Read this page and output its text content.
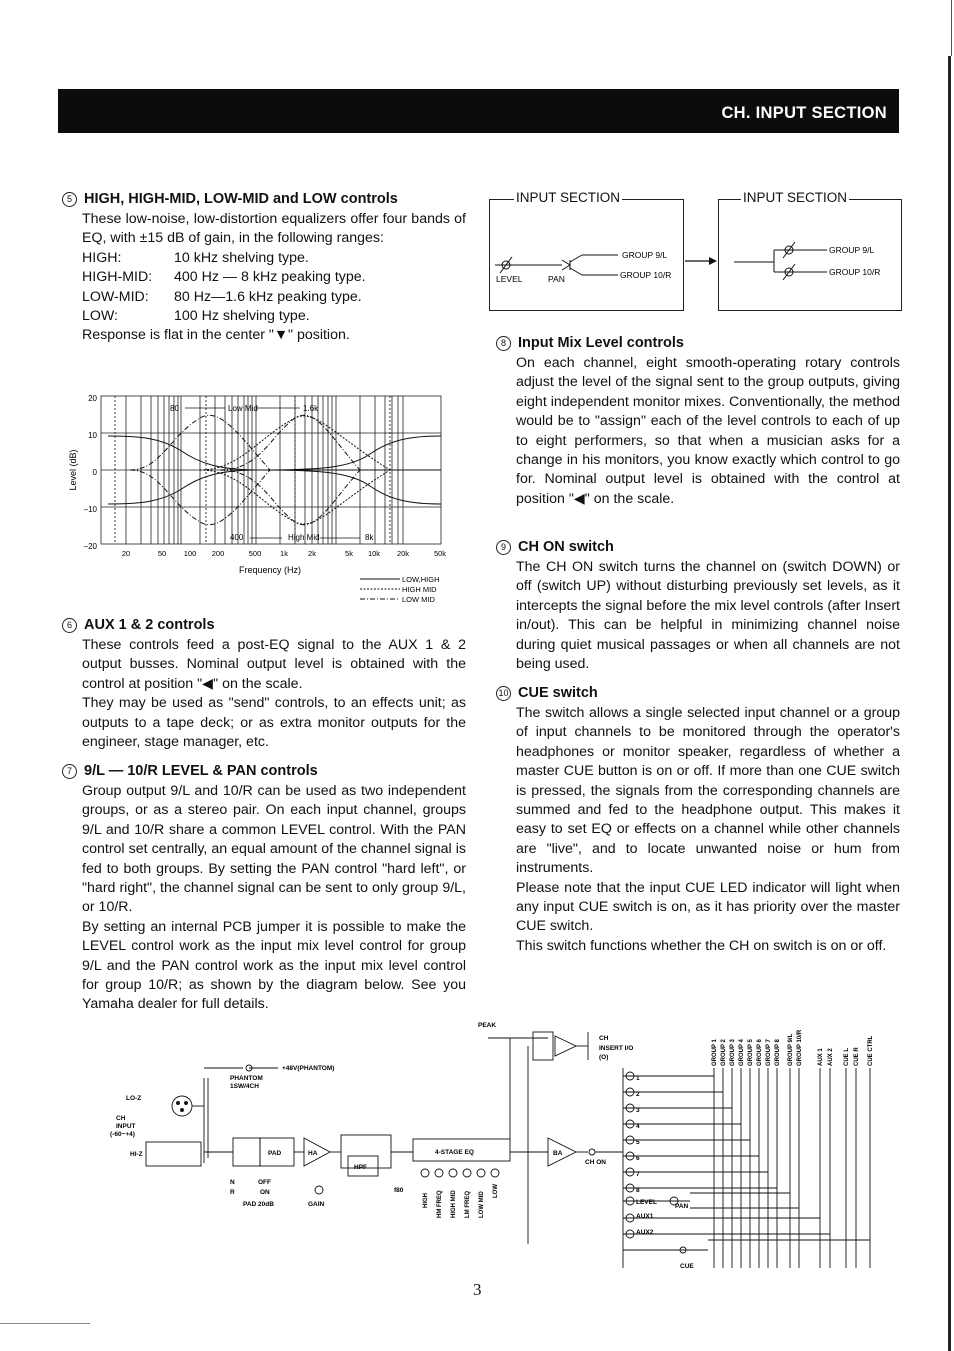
CH. INPUT SECTION
5 HIGH, HIGH-MID, LOW-MID and LOW controls

These low-noise, low-distortion equalizers offer four bands of EQ, with ±15 dB of gain, in the following ranges:

HIGH:	10 kHz shelving type.
HIGH-MID:	400 Hz — 8 kHz peaking type.
LOW-MID:	80 Hz—1.6 kHz peaking type.
LOW:	100 Hz shelving type.

Response is flat in the center "▼" position.

80	Low Mid	1.6k
400	High Mid	8k
20
10
0
–10
–20
20	50 100 200	500	1k	2k	5k 10k 20k	50k
Frequency (Hz)
Level (dB)
LOW,HIGH
HIGH MID
LOW MID
6 AUX 1 & 2 controls

These controls feed a post-EQ signal to the AUX 1 & 2 output busses. Nominal output level is obtained with the control at position "◀" on the scale.

They may be used as "send" controls, to an effects unit; as outputs to a tape deck; or as extra monitor outputs for the engineer, stage manager, etc.

7 9/L — 10/R LEVEL & PAN controls

Group output 9/L and 10/R can be used as two independent groups, or as a stereo pair. On each input channel, groups 9/L and 10/R share a common LEVEL control. With the PAN control set centrally, an equal amount of the channel signal is fed to both groups. By setting the PAN control "hard left", or "hard right", the channel signal can be sent to only group 9/L, or 10/R.

By setting an internal PCB jumper it is possible to make the LEVEL control work as the input mix level control for group 9/L and the PAN control work as the input mix level control for group 10/R; as shown by the diagram below. See you Yamaha dealer for full details.

INPUT SECTION
GROUP 9/L
GROUP 10/R
LEVEL	PAN
INPUT SECTION
GROUP 9/L
GROUP 10/R
8 Input Mix Level controls

On each channel, eight smooth-operating rotary controls adjust the level of the signal sent to the group outputs, giving eight independent monitor mixes. Conventionally, the method would be to "assign" each of the level controls to each of up to eight performers, so that when a musician asks for a change in his monitors, you know exactly which control to go for. Nominal output level is obtained with the control at position "◀" on the scale.

9 CH ON switch

The CH ON switch turns the channel on (switch DOWN) or off (switch UP) without disturbing previously set levels, as it intercepts the signal before the mix level controls (after Insert in/out). This can be helpful in minimizing channel noise during quiet musical passages or when all channels are not being used.

10 CUE switch

The switch allows a single selected input channel or a group of input channels to be monitored through the operator's headphones or monitor speaker, regardless of whether a master CUE button is on or off. If more than one CUE switch is pressed, the signals from the corresponding channels are summed and fed to the headphone output. This makes it easy to set EQ or effects on a channel while other channels are "live", and to locate unwanted noise or hum from instruments.

Please note that the input CUE LED indicator will light when any input CUE switch is on, as it has priority over the master CUE switch.

This switch functions whether the CH on switch is on or off.

PEAK
CH
INSERT I/O
(O)
+48V(PHANTOM)
PHANTOM
1SW/4CH
LO-Z
CH
INPUT
(-60~+4)
HI-Z	PAD	HA
HPF
4-STAGE EQ	BA
CH ON
N
R
OFF
ON
PAD 20dB	GAIN
f80
HIGH HM FREQ HIGH MID LM FREQ LOW MID
LOW
1
2
3
4
5
6
7
8
LEVEL
PAN
AUX1
AUX2
CUE
GROUP 1 GROUP 2 GROUP 3 GROUP 4 GROUP 5 GROUP 6 GROUP 7 GROUP 8 GROUP 9/L GROUP 10/R	AUX 1 AUX 2 CUE L CUE R CUE CTRL
3
